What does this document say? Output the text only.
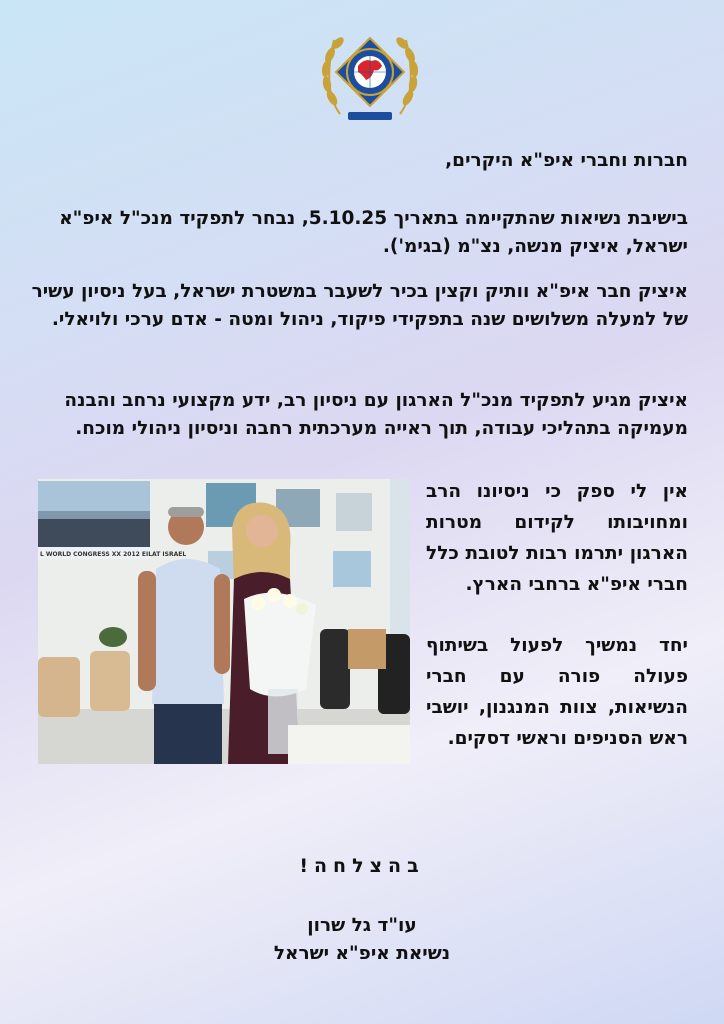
חברות וחברי איפ"א היקרים,
בישיבת נשיאות שהתקיימה בתאריך 5.10.25, נבחר לתפקיד מנכ"ל איפ"א ישראל, איציק מנשה, נצ"מ (בגימ').
איציק חבר איפ"א וותיק וקצין בכיר לשעבר במשטרת ישראל, בעל ניסיון עשיר של למעלה משלושים שנה בתפקידי פיקוד, ניהול ומטה - אדם ערכי ולויאלי.
איציק מגיע לתפקיד מנכ"ל הארגון עם ניסיון רב, ידע מקצועי נרחב והבנה מעמיקה בתהליכי עבודה, תוך ראייה מערכתית רחבה וניסיון ניהולי מוכח.

אין לי ספק כי ניסיונו הרב ומחויבותו לקידום מטרות הארגון יתרמו רבות לטובת כלל חברי איפ"א ברחבי הארץ.

יחד נמשיך לפעול בשיתוף פעולה פורה עם חברי הנשיאות, צוות המנגנון, יושבי ראש הסניפים וראשי דסקים.

L WORLD CONGRESS XX 2012 EILAT ISRAEL
בהצלחה!
עו"ד גל שרון
נשיאת איפ"א ישראל
